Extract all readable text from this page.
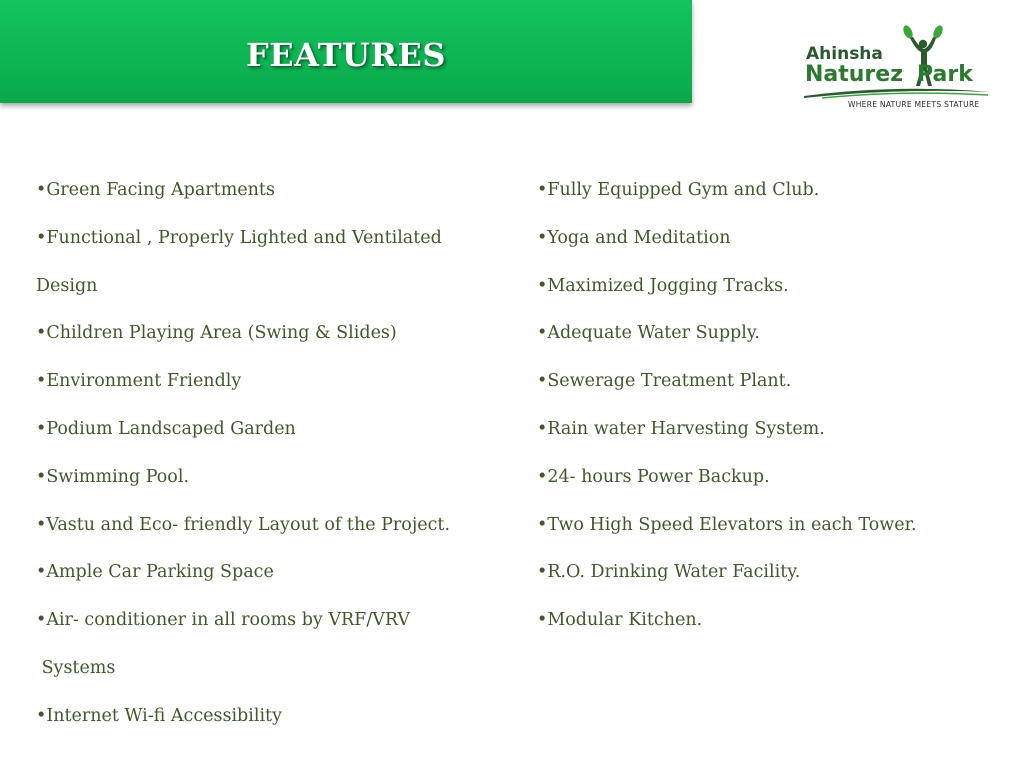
FEATURES	Ahinsha
Naturez Park
WHERE NATURE MEETS STATURE
•Green Facing Apartments
•Functional , Properly Lighted and Ventilated
Design
•Children Playing Area (Swing & Slides)
•Environment Friendly
•Podium Landscaped Garden
•Swimming Pool.
•Vastu and Eco- friendly Layout of the Project.
•Ample Car Parking Space
•Air- conditioner in all rooms by VRF/VRV
Systems
•Internet Wi-fi Accessibility
•Fully Equipped Gym and Club.
•Yoga and Meditation
•Maximized Jogging Tracks.
•Adequate Water Supply.
•Sewerage Treatment Plant.
•Rain water Harvesting System.
•24- hours Power Backup.
•Two High Speed Elevators in each Tower.
•R.O. Drinking Water Facility.
•Modular Kitchen.
